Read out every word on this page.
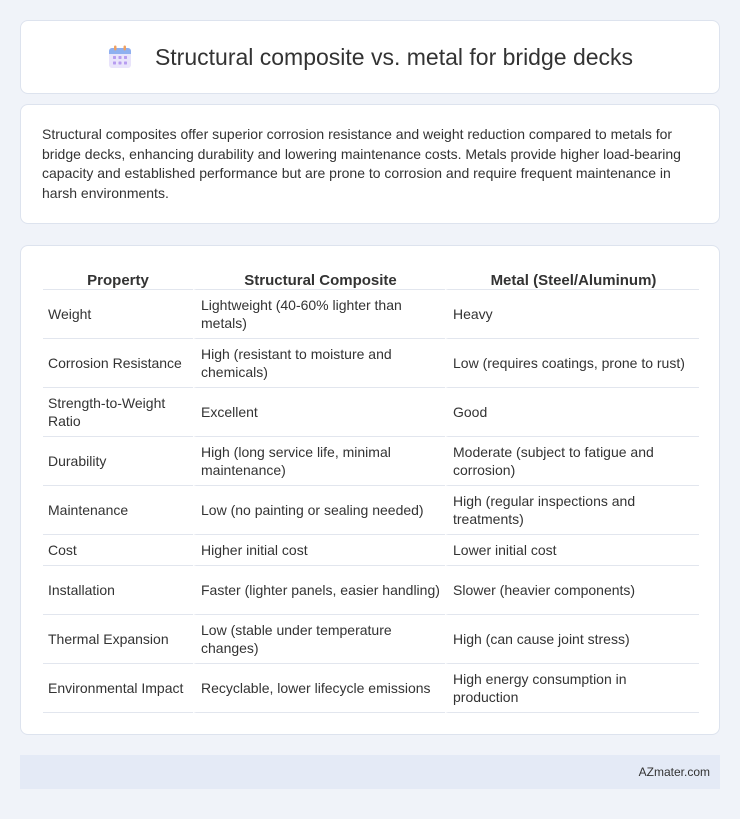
Structural composite vs. metal for bridge decks

Structural composites offer superior corrosion resistance and weight reduction compared to metals for bridge decks, enhancing durability and lowering maintenance costs. Metals provide higher load-bearing capacity and established performance but are prone to corrosion and require frequent maintenance in harsh environments.

Property	Structural Composite	Metal (Steel/Aluminum)
Weight	Lightweight (40-60% lighter than metals)	Heavy
Corrosion Resistance	High (resistant to moisture and chemicals)	Low (requires coatings, prone to rust)
Strength-to-Weight Ratio	Excellent	Good
Durability	High (long service life, minimal maintenance)	Moderate (subject to fatigue and corrosion)
Maintenance	Low (no painting or sealing needed)	High (regular inspections and treatments)
Cost	Higher initial cost	Lower initial cost
Installation	Faster (lighter panels, easier handling)	Slower (heavier components)
Thermal Expansion	Low (stable under temperature changes)	High (can cause joint stress)
Environmental Impact	Recyclable, lower lifecycle emissions	High energy consumption in production
AZmater.com
